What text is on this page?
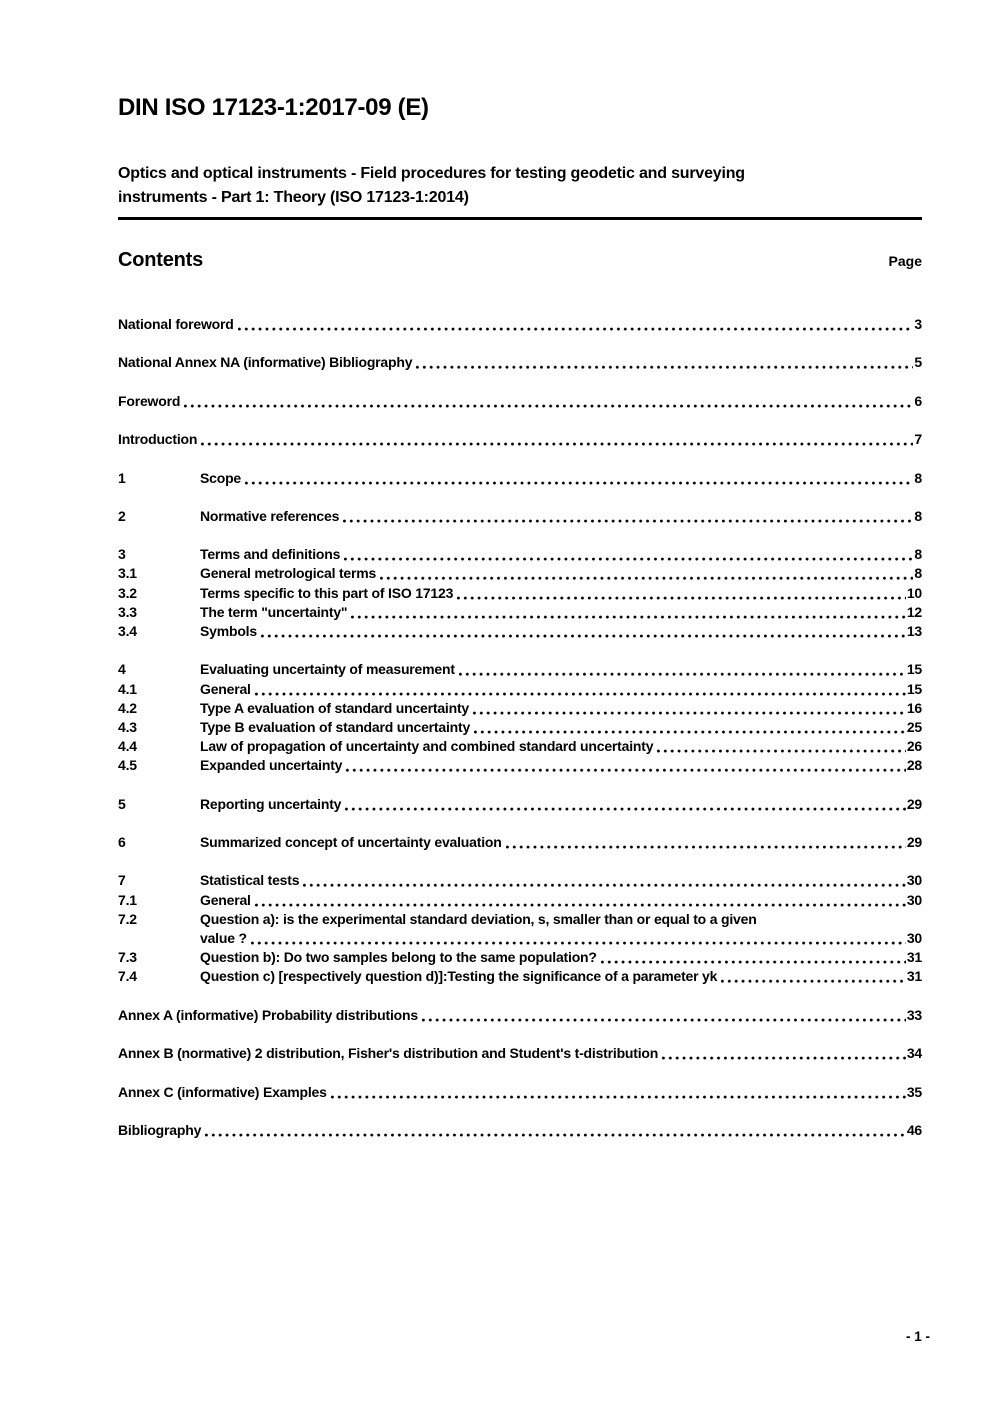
DIN ISO 17123-1:2017-09 (E)
Optics and optical instruments - Field procedures for testing geodetic and surveying
instruments - Part 1: Theory (ISO 17123-1:2014)
Contents	Page
National foreword	3
National Annex NA (informative) Bibliography	5
Foreword	6
Introduction	7
1	Scope	8
2	Normative references	8
3	Terms and definitions	8
3.1	General metrological terms	8
3.2	Terms specific to this part of ISO 17123	10
3.3	The term "uncertainty"	12
3.4	Symbols	13
4	Evaluating uncertainty of measurement	15
4.1	General	15
4.2	Type A evaluation of standard uncertainty	16
4.3	Type B evaluation of standard uncertainty	25
4.4	Law of propagation of uncertainty and combined standard uncertainty	26
4.5	Expanded uncertainty	28
5	Reporting uncertainty	29
6	Summarized concept of uncertainty evaluation	29
7	Statistical tests	30
7.1	General	30
7.2	Question a): is the experimental standard deviation, s, smaller than or equal to a given
value ?	30
7.3	Question b): Do two samples belong to the same population?	31
7.4	Question c) [respectively question d)]:Testing the significance of a parameter yk	31
Annex A (informative) Probability distributions	33
Annex B (normative) 2 distribution, Fisher's distribution and Student's t-distribution	34
Annex C (informative) Examples	35
Bibliography	46
- 1 -
